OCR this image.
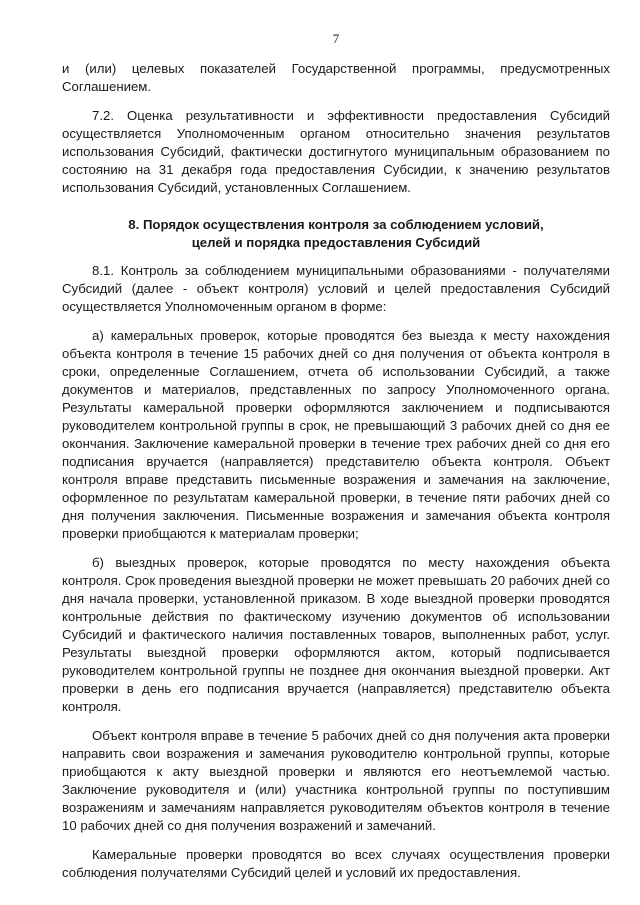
7

и (или) целевых показателей Государственной программы, предусмотренных Соглашением.

7.2. Оценка результативности и эффективности предоставления Субсидий осуществляется Уполномоченным органом относительно значения результатов использования Субсидий, фактически достигнутого муниципальным образованием по состоянию на 31 декабря года предоставления Субсидии, к значению результатов использования Субсидий, установленных Соглашением.

8. Порядок осуществления контроля за соблюдением условий,
целей и порядка предоставления Субсидий

8.1. Контроль за соблюдением муниципальными образованиями - получателями Субсидий (далее - объект контроля) условий и целей предоставления Субсидий осуществляется Уполномоченным органом в форме:

а) камеральных проверок, которые проводятся без выезда к месту нахождения объекта контроля в течение 15 рабочих дней со дня получения от объекта контроля в сроки, определенные Соглашением, отчета об использовании Субсидий, а также документов и материалов, представленных по запросу Уполномоченного органа. Результаты камеральной проверки оформляются заключением и подписываются руководителем контрольной группы в срок, не превышающий 3 рабочих дней со дня ее окончания. Заключение камеральной проверки в течение трех рабочих дней со дня его подписания вручается (направляется) представителю объекта контроля. Объект контроля вправе представить письменные возражения и замечания на заключение, оформленное по результатам камеральной проверки, в течение пяти рабочих дней со дня получения заключения. Письменные возражения и замечания объекта контроля проверки приобщаются к материалам проверки;

б) выездных проверок, которые проводятся по месту нахождения объекта контроля. Срок проведения выездной проверки не может превышать 20 рабочих дней со дня начала проверки, установленной приказом. В ходе выездной проверки проводятся контрольные действия по фактическому изучению документов об использовании Субсидий и фактического наличия поставленных товаров, выполненных работ, услуг. Результаты выездной проверки оформляются актом, который подписывается руководителем контрольной группы не позднее дня окончания выездной проверки. Акт проверки в день его подписания вручается (направляется) представителю объекта контроля.

Объект контроля вправе в течение 5 рабочих дней со дня получения акта проверки направить свои возражения и замечания руководителю контрольной группы, которые приобщаются к акту выездной проверки и являются его неотъемлемой частью. Заключение руководителя и (или) участника контрольной группы по поступившим возражениям и замечаниям направляется руководителям объектов контроля в течение 10 рабочих дней со дня получения возражений и замечаний.

Камеральные проверки проводятся во всех случаях осуществления проверки соблюдения получателями Субсидий целей и условий их предоставления.
